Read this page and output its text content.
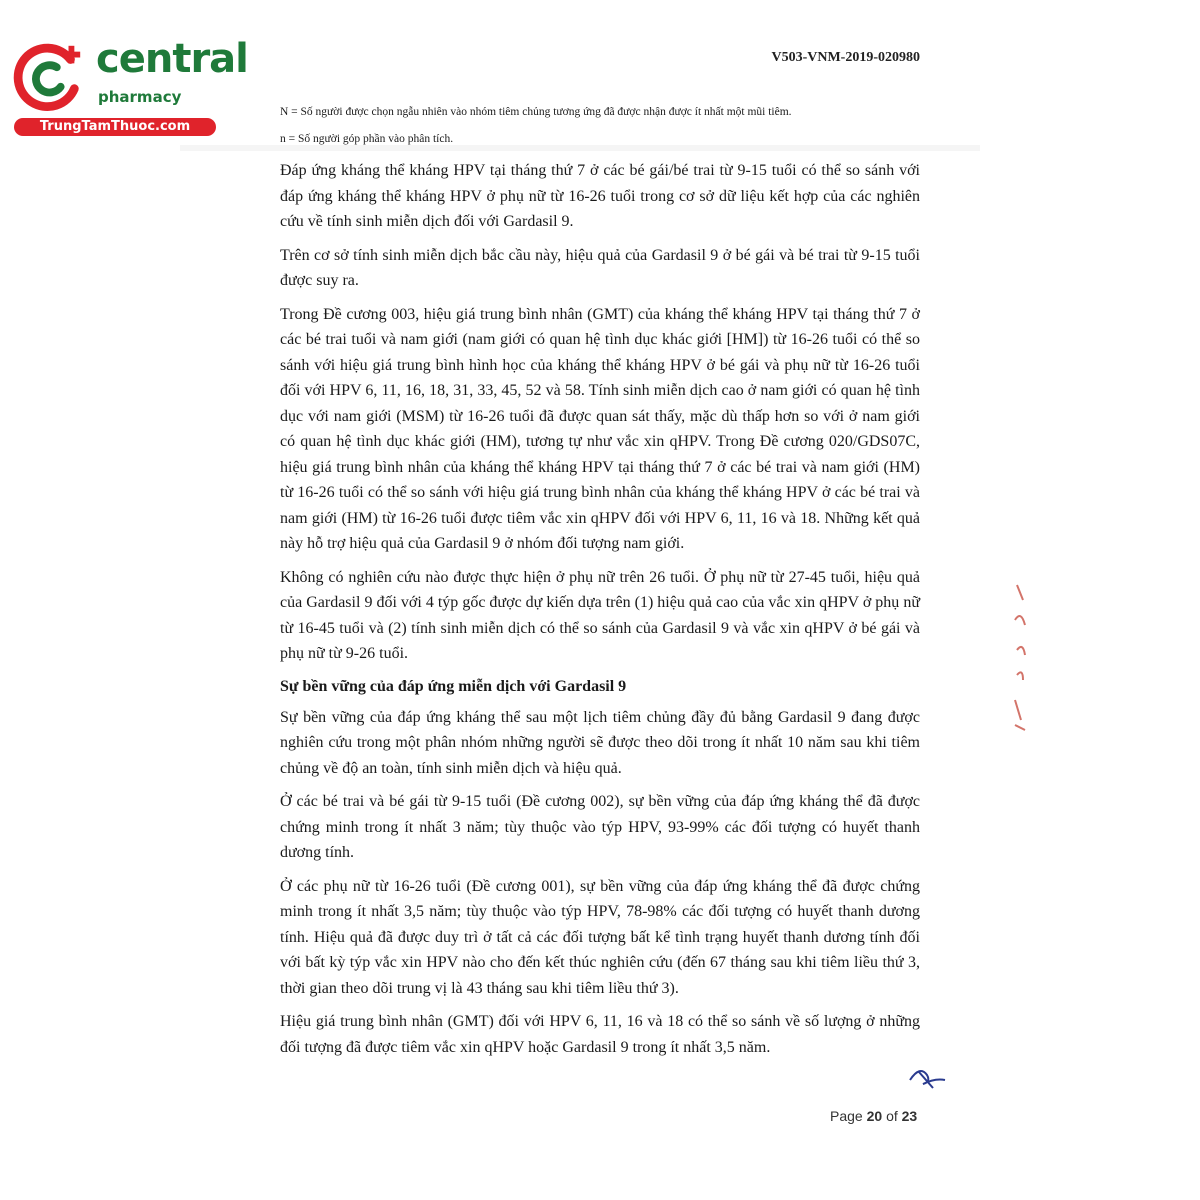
central
pharmacy
TrungTamThuoc.com
V503-VNM-2019-020980
N = Số người được chọn ngẫu nhiên vào nhóm tiêm chủng tương ứng đã được nhận được ít nhất một mũi tiêm.
n = Số người góp phần vào phân tích.

Đáp ứng kháng thể kháng HPV tại tháng thứ 7 ở các bé gái/bé trai từ 9-15 tuổi có thể so sánh với đáp ứng kháng thể kháng HPV ở phụ nữ từ 16-26 tuổi trong cơ sở dữ liệu kết hợp của các nghiên cứu về tính sinh miễn dịch đối với Gardasil 9.

Trên cơ sở tính sinh miễn dịch bắc cầu này, hiệu quả của Gardasil 9 ở bé gái và bé trai từ 9-15 tuổi được suy ra.

Trong Đề cương 003, hiệu giá trung bình nhân (GMT) của kháng thể kháng HPV tại tháng thứ 7 ở các bé trai tuổi và nam giới (nam giới có quan hệ tình dục khác giới [HM]) từ 16-26 tuổi có thể so sánh với hiệu giá trung bình hình học của kháng thể kháng HPV ở bé gái và phụ nữ từ 16-26 tuổi đối với HPV 6, 11, 16, 18, 31, 33, 45, 52 và 58. Tính sinh miễn dịch cao ở nam giới có quan hệ tình dục với nam giới (MSM) từ 16-26 tuổi đã được quan sát thấy, mặc dù thấp hơn so với ở nam giới có quan hệ tình dục khác giới (HM), tương tự như vắc xin qHPV. Trong Đề cương 020/GDS07C, hiệu giá trung bình nhân của kháng thể kháng HPV tại tháng thứ 7 ở các bé trai và nam giới (HM) từ 16-26 tuổi có thể so sánh với hiệu giá trung bình nhân của kháng thể kháng HPV ở các bé trai và nam giới (HM) từ 16-26 tuổi được tiêm vắc xin qHPV đối với HPV 6, 11, 16 và 18. Những kết quả này hỗ trợ hiệu quả của Gardasil 9 ở nhóm đối tượng nam giới.

Không có nghiên cứu nào được thực hiện ở phụ nữ trên 26 tuổi. Ở phụ nữ từ 27-45 tuổi, hiệu quả của Gardasil 9 đối với 4 týp gốc được dự kiến dựa trên (1) hiệu quả cao của vắc xin qHPV ở phụ nữ từ 16-45 tuổi và (2) tính sinh miễn dịch có thể so sánh của Gardasil 9 và vắc xin qHPV ở bé gái và phụ nữ từ 9-26 tuổi.

Sự bền vững của đáp ứng miễn dịch với Gardasil 9

Sự bền vững của đáp ứng kháng thể sau một lịch tiêm chủng đầy đủ bằng Gardasil 9 đang được nghiên cứu trong một phân nhóm những người sẽ được theo dõi trong ít nhất 10 năm sau khi tiêm chủng về độ an toàn, tính sinh miễn dịch và hiệu quả.

Ở các bé trai và bé gái từ 9-15 tuổi (Đề cương 002), sự bền vững của đáp ứng kháng thể đã được chứng minh trong ít nhất 3 năm; tùy thuộc vào týp HPV, 93-99% các đối tượng có huyết thanh dương tính.

Ở các phụ nữ từ 16-26 tuổi (Đề cương 001), sự bền vững của đáp ứng kháng thể đã được chứng minh trong ít nhất 3,5 năm; tùy thuộc vào týp HPV, 78-98% các đối tượng có huyết thanh dương tính. Hiệu quả đã được duy trì ở tất cả các đối tượng bất kể tình trạng huyết thanh dương tính đối với bất kỳ týp vắc xin HPV nào cho đến kết thúc nghiên cứu (đến 67 tháng sau khi tiêm liều thứ 3, thời gian theo dõi trung vị là 43 tháng sau khi tiêm liều thứ 3).

Hiệu giá trung bình nhân (GMT) đối với HPV 6, 11, 16 và 18 có thể so sánh về số lượng ở những đối tượng đã được tiêm vắc xin qHPV hoặc Gardasil 9 trong ít nhất 3,5 năm.

Page 20 of 23
